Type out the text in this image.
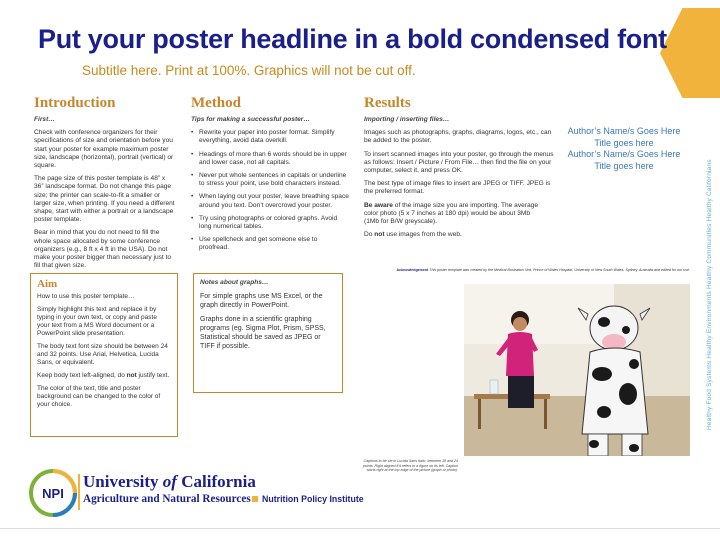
Put your poster headline in a bold condensed font
Subtitle here. Print at 100%. Graphics will not be cut off.
Introduction

First…

Check with conference organizers for their specifications of size and orientation before you start your poster for example maximum poster size, landscape (horizontal), portrait (vertical) or square.

The page size of this poster template is 48” x 36” landscape format. Do not change this page size; the printer can scale-to-fit a smaller or larger size, when printing. If you need a different shape, start with either a portrait or a landscape poster template.

Bear in mind that you do not need to fill the whole space allocated by some conference organizers (e.g., 8 ft x 4 ft in the USA). Do not make your poster bigger than necessary just to fill that given size.

Method

Tips for making a successful poster…

• Rewrite your paper into poster format. Simplify everything, avoid data overkill.
• Headings of more than 6 words should be in upper and lower case, not all capitals.
• Never put whole sentences in capitals or underline to stress your point, use bold characters instead.
• When laying out your poster, leave breathing space around you text. Don’t overcrowd your poster.
• Try using photographs or colored graphs. Avoid long numerical tables.
• Use spellcheck and get someone else to proofread.
Results

Importing / inserting files…

Images such as photographs, graphs, diagrams, logos, etc., can be added to the poster.

To insert scanned images into your poster, go through the menus as follows: Insert / Picture / From File… then find the file on your computer, select it, and press OK.

The best type of image files to insert are JPEG or TIFF. JPEG is the preferred format.

Be aware of the image size you are importing. The average color photo (5 x 7 inches at 180 dpi) would be about 3Mb

(1Mb for B/W greyscale).

Do not use images from the web.

Author’s Name/s Goes Here
Title goes here
Author’s Name/s Goes Here
Title goes here	Healthy Food Systems Healthy Environments Healthy Communities Healthy Californians
Aim

How to use this poster template…

Simply highlight this text and replace it by typing in your own text, or copy and paste your text from a MS Word document or a PowerPoint slide presentation.

The body text font size should be between 24 and 32 points. Use Arial, Helvetica, Lucida Sans, or equivalent.

Keep body text left-aligned, do not justify text.

The color of the text, title and poster background can be changed to the color of your choice.

Notes about graphs…

For simple graphs use MS Excel, or the graph directly in PowerPoint.

Graphs done in a scientific graphing programs (eg. Sigma Plot, Prism, SPSS, Statistical should be saved as JPEG or TIFF if possible.

Acknowledgement This poster template was created by the Medical Illustration Unit, Prince of Wales Hospital, University of New South Wales, Sydney, Australia and edited for our use.
Captions to be set in Lucida Sans Italic, between 18 and 24 points. Right aligned if it refers to a figure on its left. Caption starts right at the top edge of the picture (graph or photo).
NPI
University of California
Agriculture and Natural Resources	Nutrition Policy Institute
